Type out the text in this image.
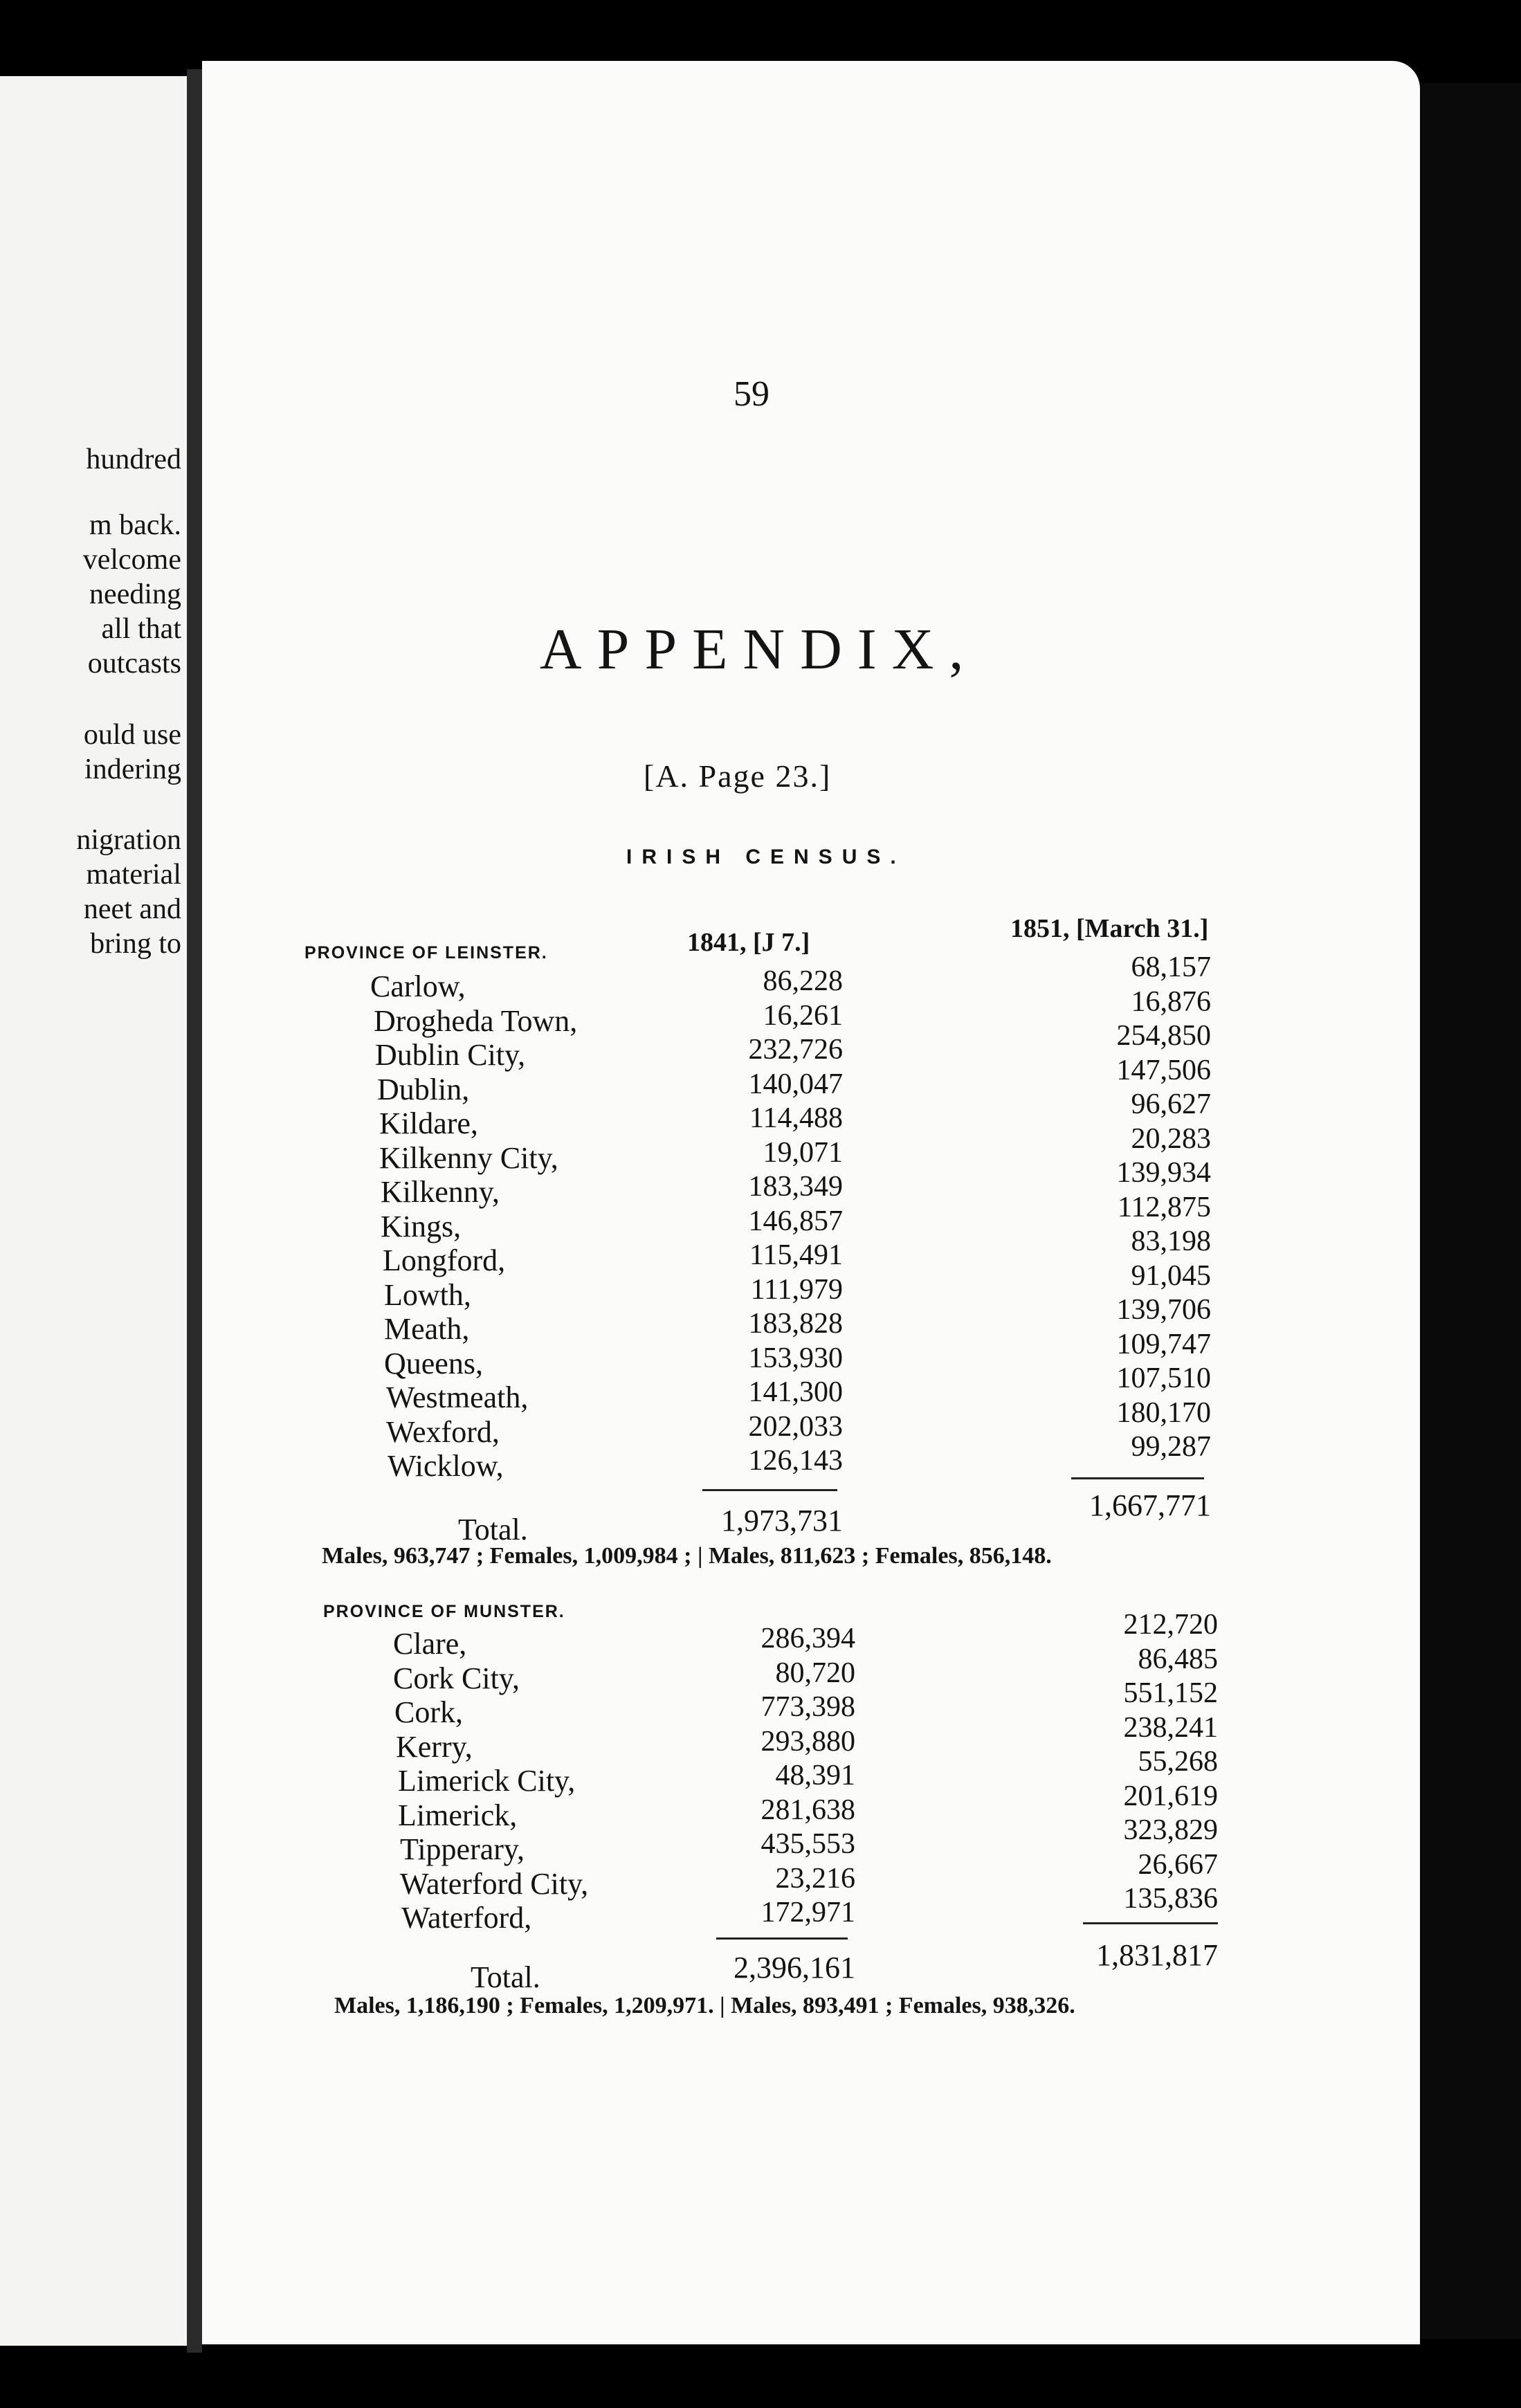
hundred
m back.
velcome
needing
all that
outcasts
ould use
indering
nigration
material
neet and
bring to
59
APPENDIX,
[A. Page 23.]
IRISH CENSUS.
PROVINCE OF LEINSTER.	1841, [J 7.]	1851, [March 31.]
Carlow,	86,228	68,157
Drogheda Town,	16,261	16,876
Dublin City,	232,726	254,850
Dublin,	140,047	147,506
Kildare,	114,488	96,627
Kilkenny City,	19,071	20,283
Kilkenny,	183,349	139,934
Kings,	146,857	112,875
Longford,	115,491	83,198
Lowth,	111,979	91,045
Meath,	183,828	139,706
Queens,	153,930	109,747
Westmeath,	141,300	107,510
Wexford,	202,033	180,170
Wicklow,	126,143	99,287
Total.	1,973,731	1,667,771
Males, 963,747 ; Females, 1,009,984 ; | Males, 811,623 ; Females, 856,148.
PROVINCE OF MUNSTER.
Clare,	286,394	212,720
Cork City,	80,720	86,485
Cork,	773,398	551,152
Kerry,	293,880	238,241
Limerick City,	48,391	55,268
Limerick,	281,638	201,619
Tipperary,	435,553	323,829
Waterford City,	23,216	26,667
Waterford,	172,971	135,836
Total.	2,396,161	1,831,817
Males, 1,186,190 ; Females, 1,209,971. | Males, 893,491 ; Females, 938,326.
